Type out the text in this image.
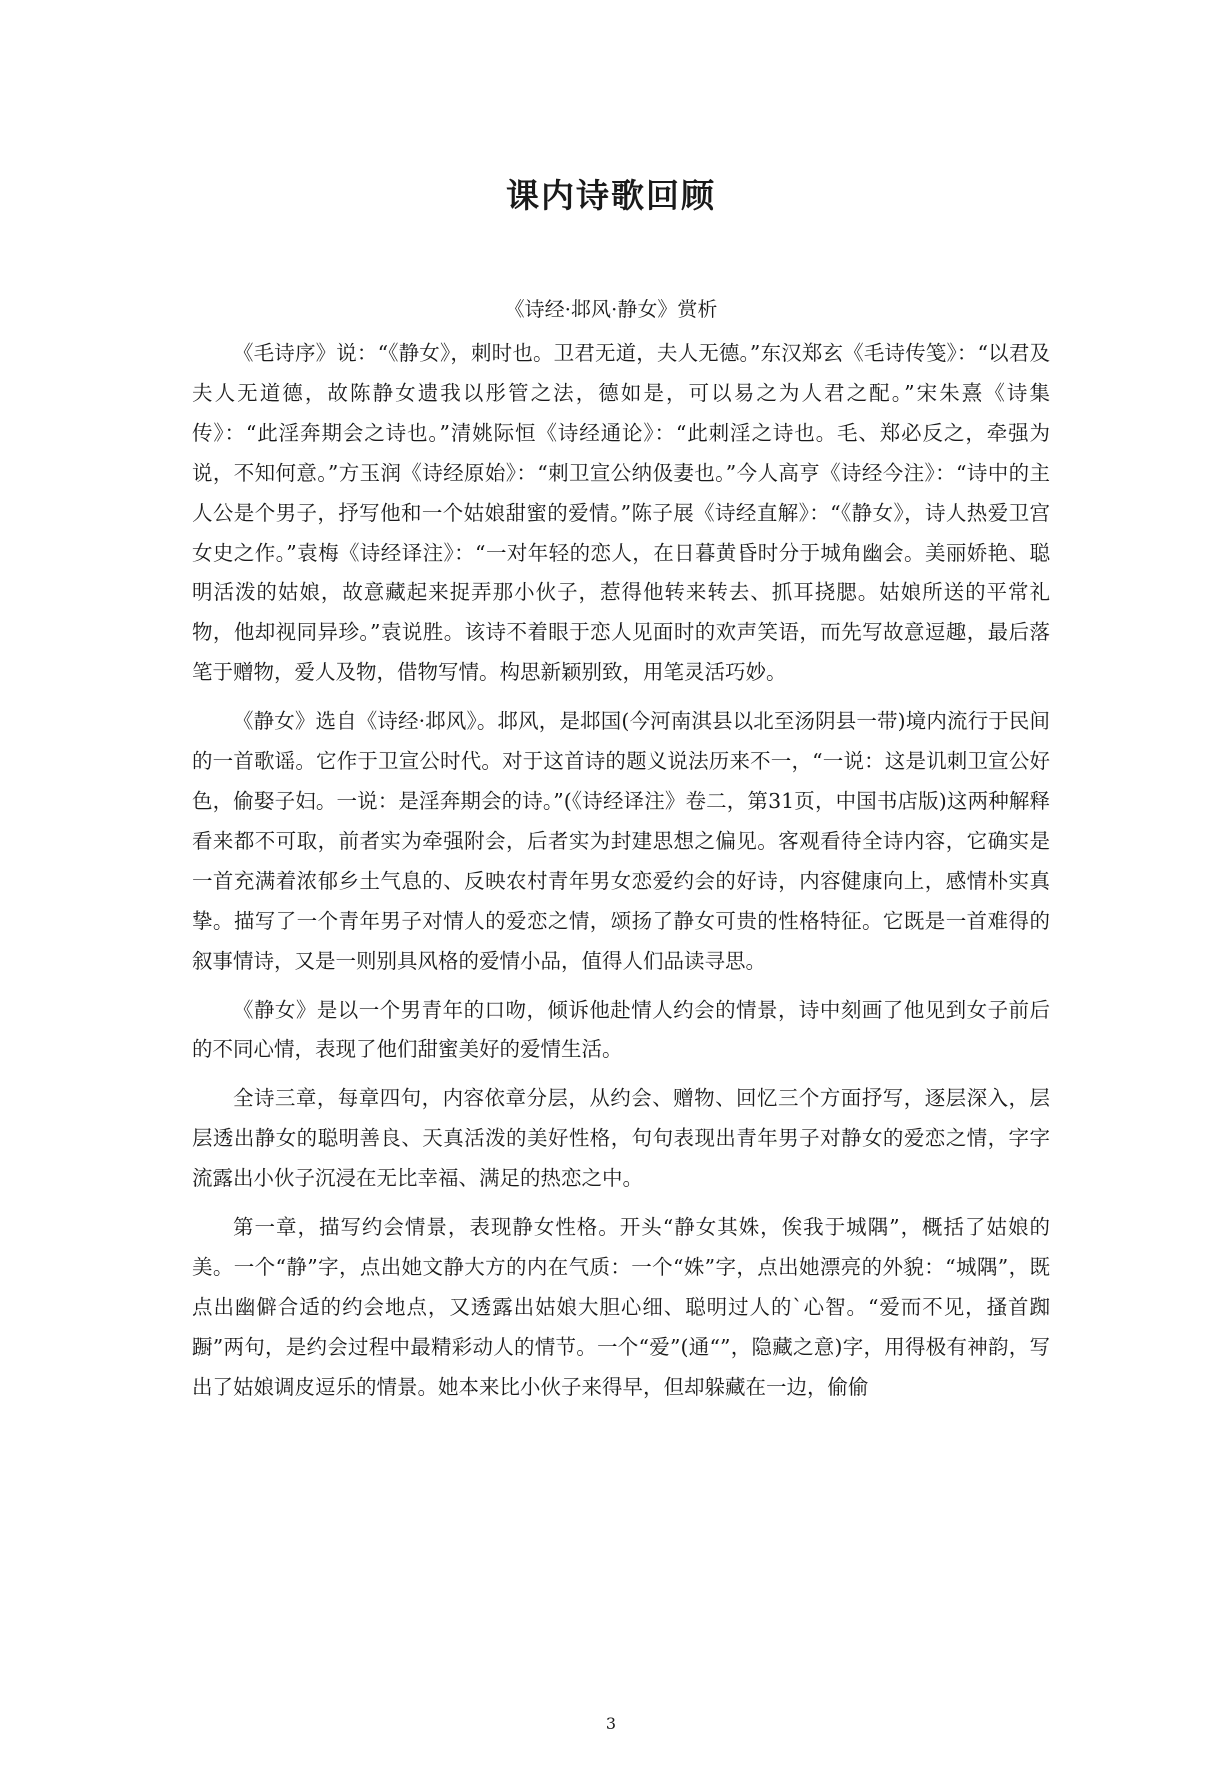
课内诗歌回顾
《诗经·邶风·静女》赏析

《毛诗序》说：“《静女》，刺时也。卫君无道，夫人无德。”东汉郑玄《毛诗传笺》：“以君及夫人无道德，故陈静女遗我以彤管之法，德如是，可以易之为人君之配。”宋朱熹《诗集传》：“此淫奔期会之诗也。”清姚际恒《诗经通论》：“此刺淫之诗也。毛、郑必反之，牵强为说，不知何意。”方玉润《诗经原始》：“刺卫宣公纳伋妻也。”今人高亨《诗经今注》：“诗中的主人公是个男子，抒写他和一个姑娘甜蜜的爱情。”陈子展《诗经直解》：“《静女》，诗人热爱卫宫女史之作。”袁梅《诗经译注》：“一对年轻的恋人，在日暮黄昏时分于城角幽会。美丽娇艳、聪明活泼的姑娘，故意藏起来捉弄那小伙子，惹得他转来转去、抓耳挠腮。姑娘所送的平常礼物，他却视同异珍。”袁说胜。该诗不着眼于恋人见面时的欢声笑语，而先写故意逗趣，最后落笔于赠物，爱人及物，借物写情。构思新颖别致，用笔灵活巧妙。

《静女》选自《诗经·邶风》。邶风，是邶国(今河南淇县以北至汤阴县一带)境内流行于民间的一首歌谣。它作于卫宣公时代。对于这首诗的题义说法历来不一，“一说：这是讥刺卫宣公好色，偷娶子妇。一说：是淫奔期会的诗。”(《诗经译注》卷二，第31页，中国书店版)这两种解释看来都不可取，前者实为牵强附会，后者实为封建思想之偏见。客观看待全诗内容，它确实是一首充满着浓郁乡土气息的、反映农村青年男女恋爱约会的好诗，内容健康向上，感情朴实真挚。描写了一个青年男子对情人的爱恋之情，颂扬了静女可贵的性格特征。它既是一首难得的叙事情诗，又是一则别具风格的爱情小品，值得人们品读寻思。

《静女》是以一个男青年的口吻，倾诉他赴情人约会的情景，诗中刻画了他见到女子前后的不同心情，表现了他们甜蜜美好的爱情生活。

全诗三章，每章四句，内容依章分层，从约会、赠物、回忆三个方面抒写，逐层深入，层层透出静女的聪明善良、天真活泼的美好性格，句句表现出青年男子对静女的爱恋之情，字字流露出小伙子沉浸在无比幸福、满足的热恋之中。

第一章，描写约会情景，表现静女性格。开头“静女其姝，俟我于城隅”，概括了姑娘的美。一个“静”字，点出她文静大方的内在气质：一个“姝”字，点出她漂亮的外貌：“城隅”，既点出幽僻合适的约会地点，又透露出姑娘大胆心细、聪明过人的`心智。“爱而不见，搔首踟蹰”两句，是约会过程中最精彩动人的情节。一个“爱”(通“”，隐藏之意)字，用得极有神韵，写出了姑娘调皮逗乐的情景。她本来比小伙子来得早，但却躲藏在一边，偷偷

3
